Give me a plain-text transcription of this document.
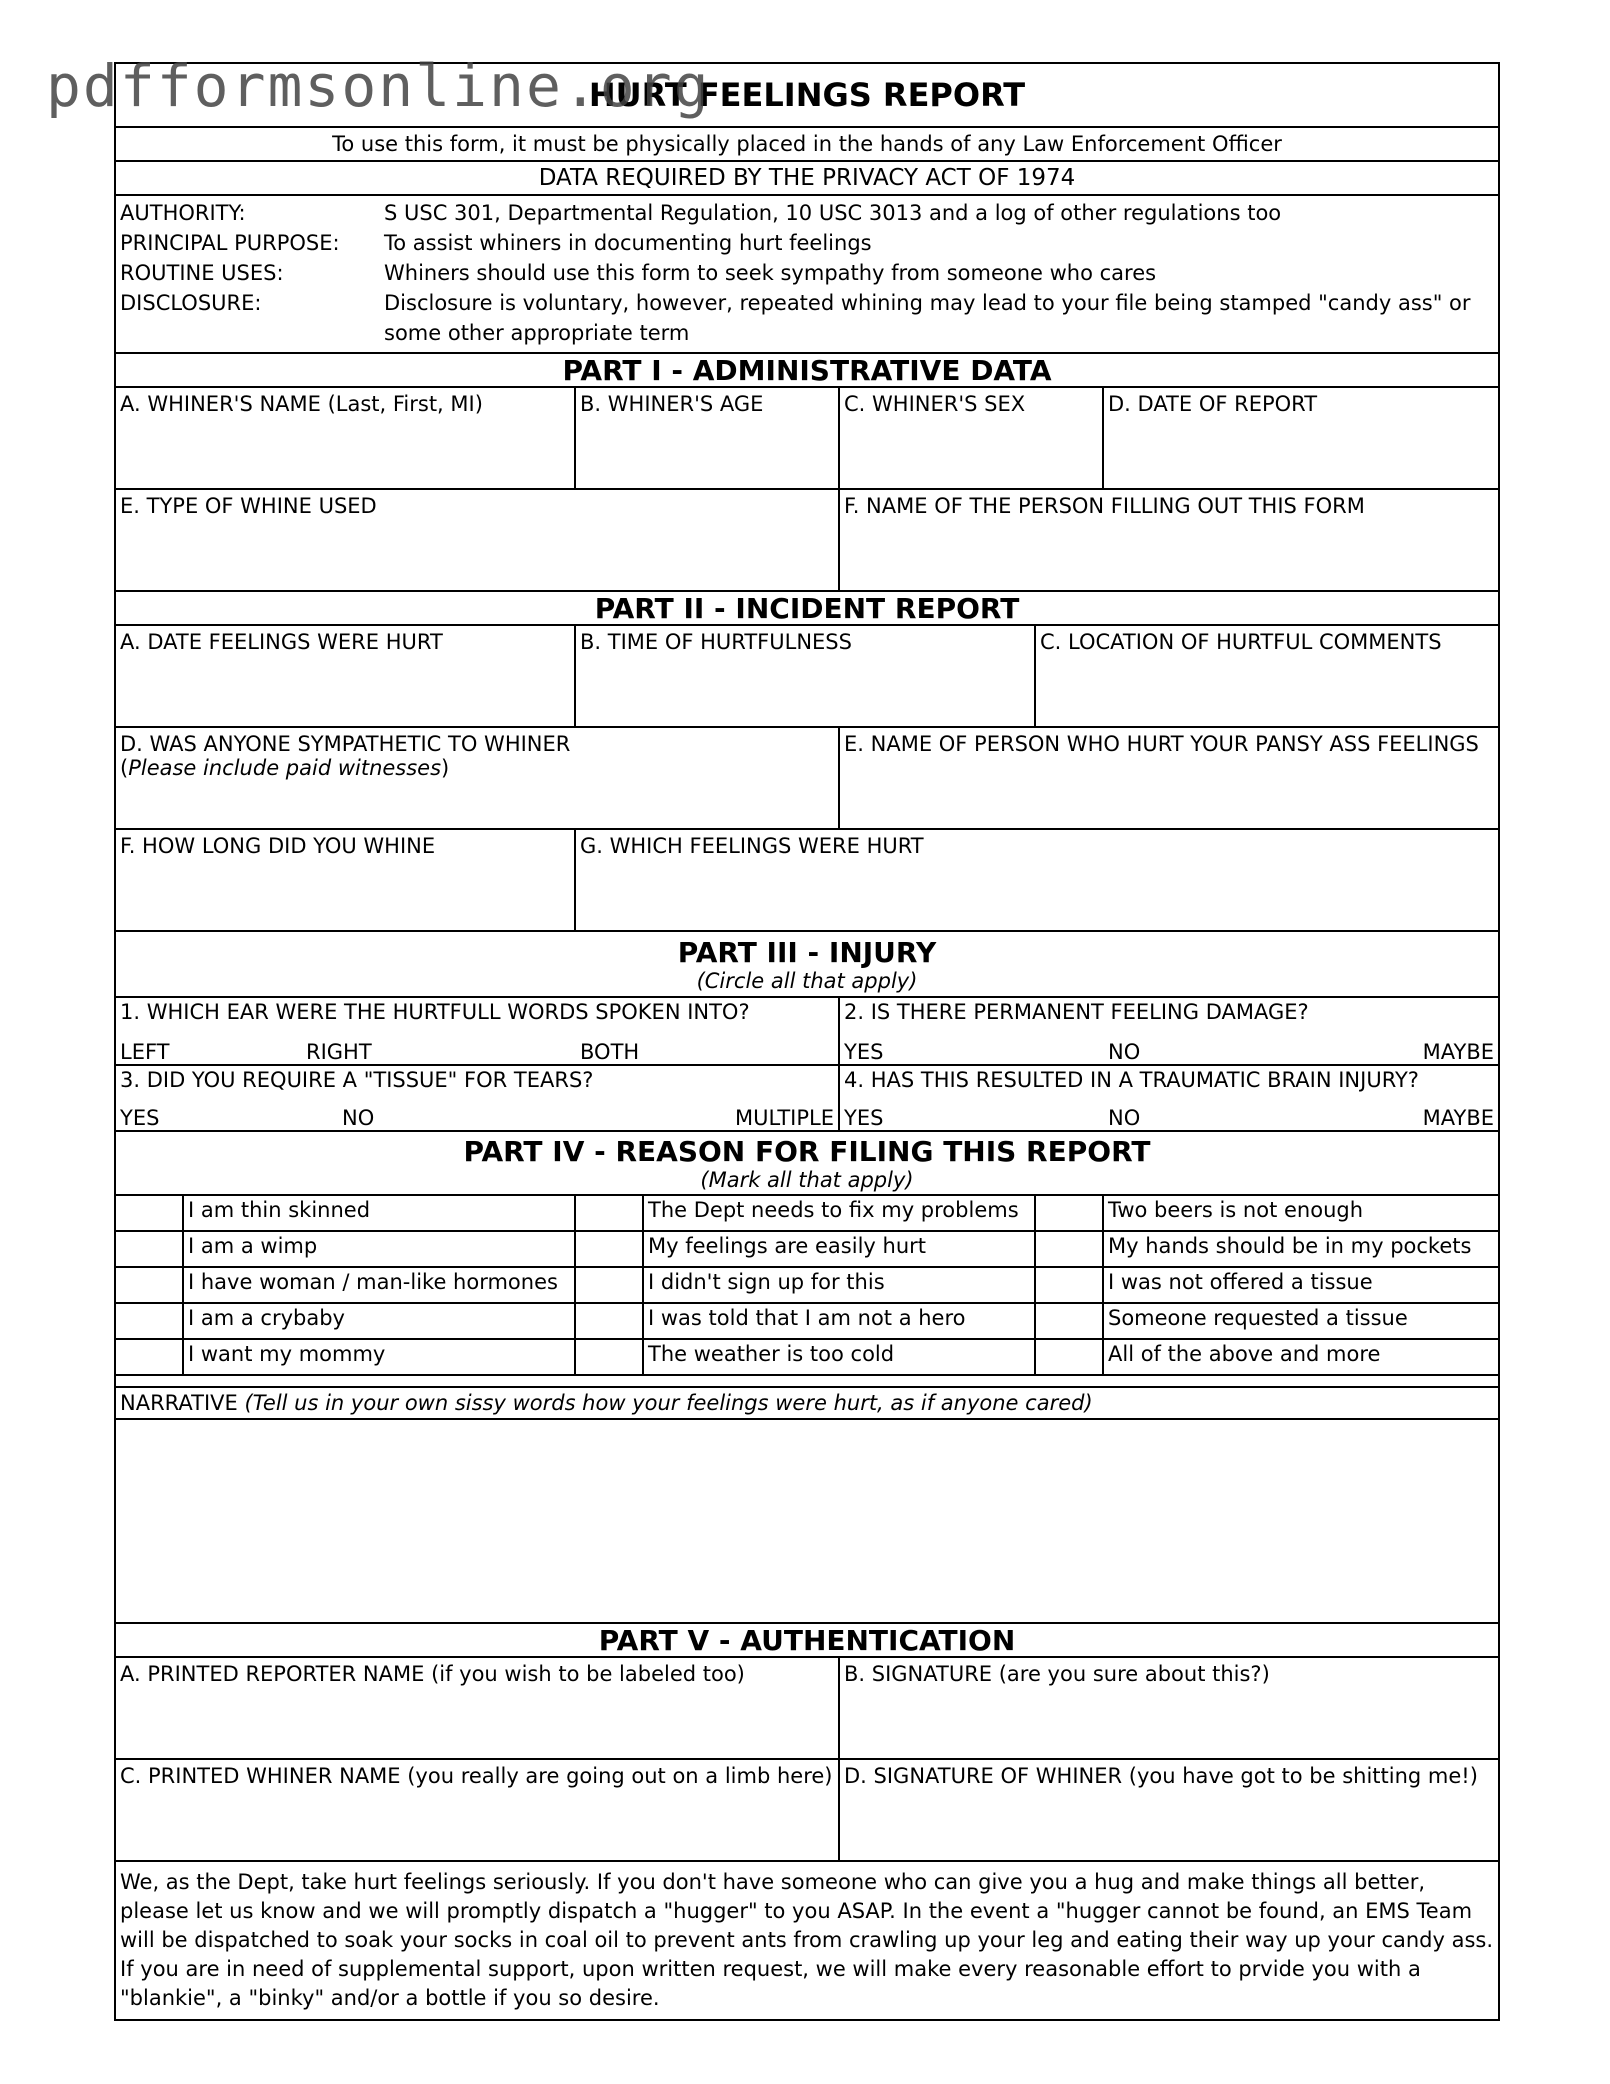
pdfformsonline.org
HURT FEELINGS REPORT
To use this form, it must be physically placed in the hands of any Law Enforcement Officer
DATA REQUIRED BY THE PRIVACY ACT OF 1974
AUTHORITY:	S USC 301, Departmental Regulation, 10 USC 3013 and a log of other regulations too
PRINCIPAL PURPOSE:	To assist whiners in documenting hurt feelings
ROUTINE USES:	Whiners should use this form to seek sympathy from someone who cares
DISCLOSURE:	Disclosure is voluntary, however, repeated whining may lead to your file being stamped "candy ass" or some other appropriate term
PART I - ADMINISTRATIVE DATA
A. WHINER'S NAME (Last, First, MI)	B. WHINER'S AGE	C. WHINER'S SEX	D. DATE OF REPORT
E. TYPE OF WHINE USED	F. NAME OF THE PERSON FILLING OUT THIS FORM
PART II - INCIDENT REPORT
A. DATE FEELINGS WERE HURT	B. TIME OF HURTFULNESS	C. LOCATION OF HURTFUL COMMENTS
D. WAS ANYONE SYMPATHETIC TO WHINER
(Please include paid witnesses)
E. NAME OF PERSON WHO HURT YOUR PANSY ASS FEELINGS
F. HOW LONG DID YOU WHINE	G. WHICH FEELINGS WERE HURT
PART III - INJURY
(Circle all that apply)
1. WHICH EAR WERE THE HURTFULL WORDS SPOKEN INTO?
LEFT	RIGHT	BOTH
2. IS THERE PERMANENT FEELING DAMAGE?
YES	NO	MAYBE
3. DID YOU REQUIRE A "TISSUE" FOR TEARS?
YES	NO	MULTIPLE
4. HAS THIS RESULTED IN A TRAUMATIC BRAIN INJURY?
YES	NO	MAYBE
PART IV - REASON FOR FILING THIS REPORT
(Mark all that apply)
I am thin skinned	The Dept needs to fix my problems	Two beers is not enough
I am a wimp	My feelings are easily hurt	My hands should be in my pockets
I have woman / man-like hormones	I didn't sign up for this	I was not offered a tissue
I am a crybaby	I was told that I am not a hero	Someone requested a tissue
I want my mommy	The weather is too cold	All of the above and more
NARRATIVE
(Tell us in your own sissy words how your feelings were hurt, as if anyone cared)
PART V - AUTHENTICATION
A. PRINTED REPORTER NAME (if you wish to be labeled too)	B. SIGNATURE (are you sure about this?)
C. PRINTED WHINER NAME (you really are going out on a limb here) D. SIGNATURE OF WHINER (you have got to be shitting me!)
We, as the Dept, take hurt feelings seriously. If you don't have someone who can give you a hug and make things all better, please let us know and we will promptly dispatch a "hugger" to you ASAP. In the event a "hugger cannot be found, an EMS Team will be dispatched to soak your socks in coal oil to prevent ants from crawling up your leg and eating their way up your candy ass. If you are in need of supplemental support, upon written request, we will make every reasonable effort to prvide you with a "blankie", a "binky" and/or a bottle if you so desire.
